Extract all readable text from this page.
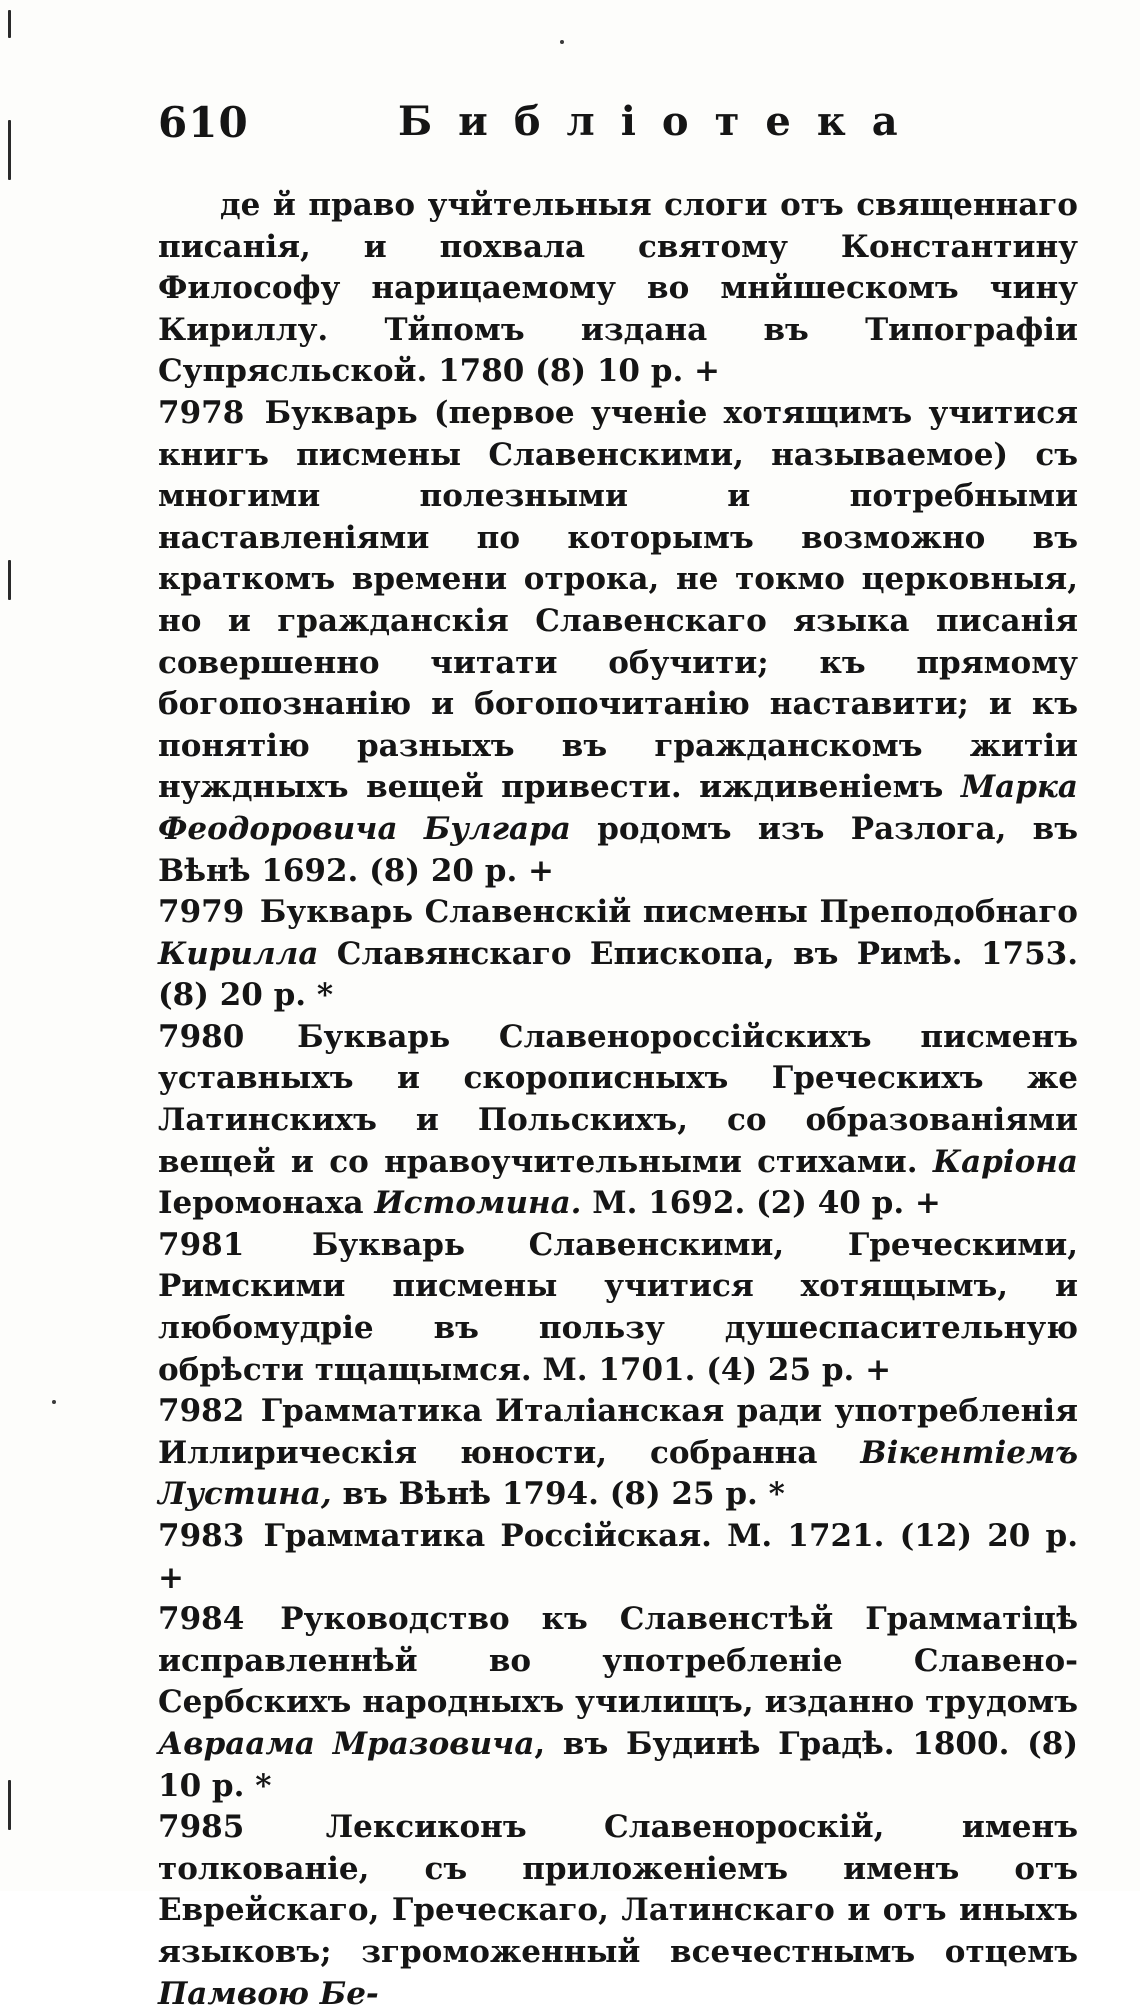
610	Библіотека

де й право учйтельныя слоги отъ священнаго писанія, и похвала святому Константину Философу нарицаемому во мнйшескомъ чину Кириллу. Тйпомъ издана въ Типографіи Супрясльской. 1780 (8) 10 р. +

7978 Букварь (первое ученіе хотящимъ учитися книгъ писмены Славенскими, называемое) съ многими полезными и потребными наставленіями по которымъ возможно въ краткомъ времени отрока, не токмо церковныя, но и гражданскія Славенскаго языка писанія совершенно читати обучити; къ прямому богопознанію и богопочитанію наставити; и къ понятію разныхъ въ гражданскомъ житіи нуждныхъ вещей привести. иждивеніемъ Марка Феодоровича Булгара родомъ изъ Разлога, въ Вѣнѣ 1692. (8) 20 р. +

7979 Букварь Славенскій писмены Преподобнаго Кирилла Славянскаго Епископа, въ Римѣ. 1753. (8) 20 р. *

7980 Букварь Славенороссійскихъ писменъ уставныхъ и скорописныхъ Греческихъ же Латинскихъ и Польскихъ, со образованіями вещей и со нравоучительными стихами. Каріона Іеромонаха Истомина. М. 1692. (2) 40 р. +

7981 Букварь Славенскими, Греческими, Римскими писмены учитися хотящымъ, и любомудріе въ пользу душеспасительную обрѣсти тщащымся. М. 1701. (4) 25 р. +

7982 Грамматика Италіанская ради употребленія Иллирическія юности, собранна Вікентіемъ Лустина, въ Вѣнѣ 1794. (8) 25 р. *

7983 Грамматика Россійская. М. 1721. (12) 20 р. +

7984 Руководство къ Славенстѣй Грамматіцѣ исправленнѣй во употребленіе Славено-Сербскихъ народныхъ училищъ, изданно трудомъ Авраама Мразовича, въ Будинѣ Градѣ. 1800. (8) 10 р. *

7985	Лексиконъ Славенороскій, именъ толкованіе, съ приложеніемъ именъ отъ Еврейскаго, Греческаго, Латинскаго и отъ иныхъ языковъ; згроможенный всечестнымъ отцемъ Памвою Бе-
